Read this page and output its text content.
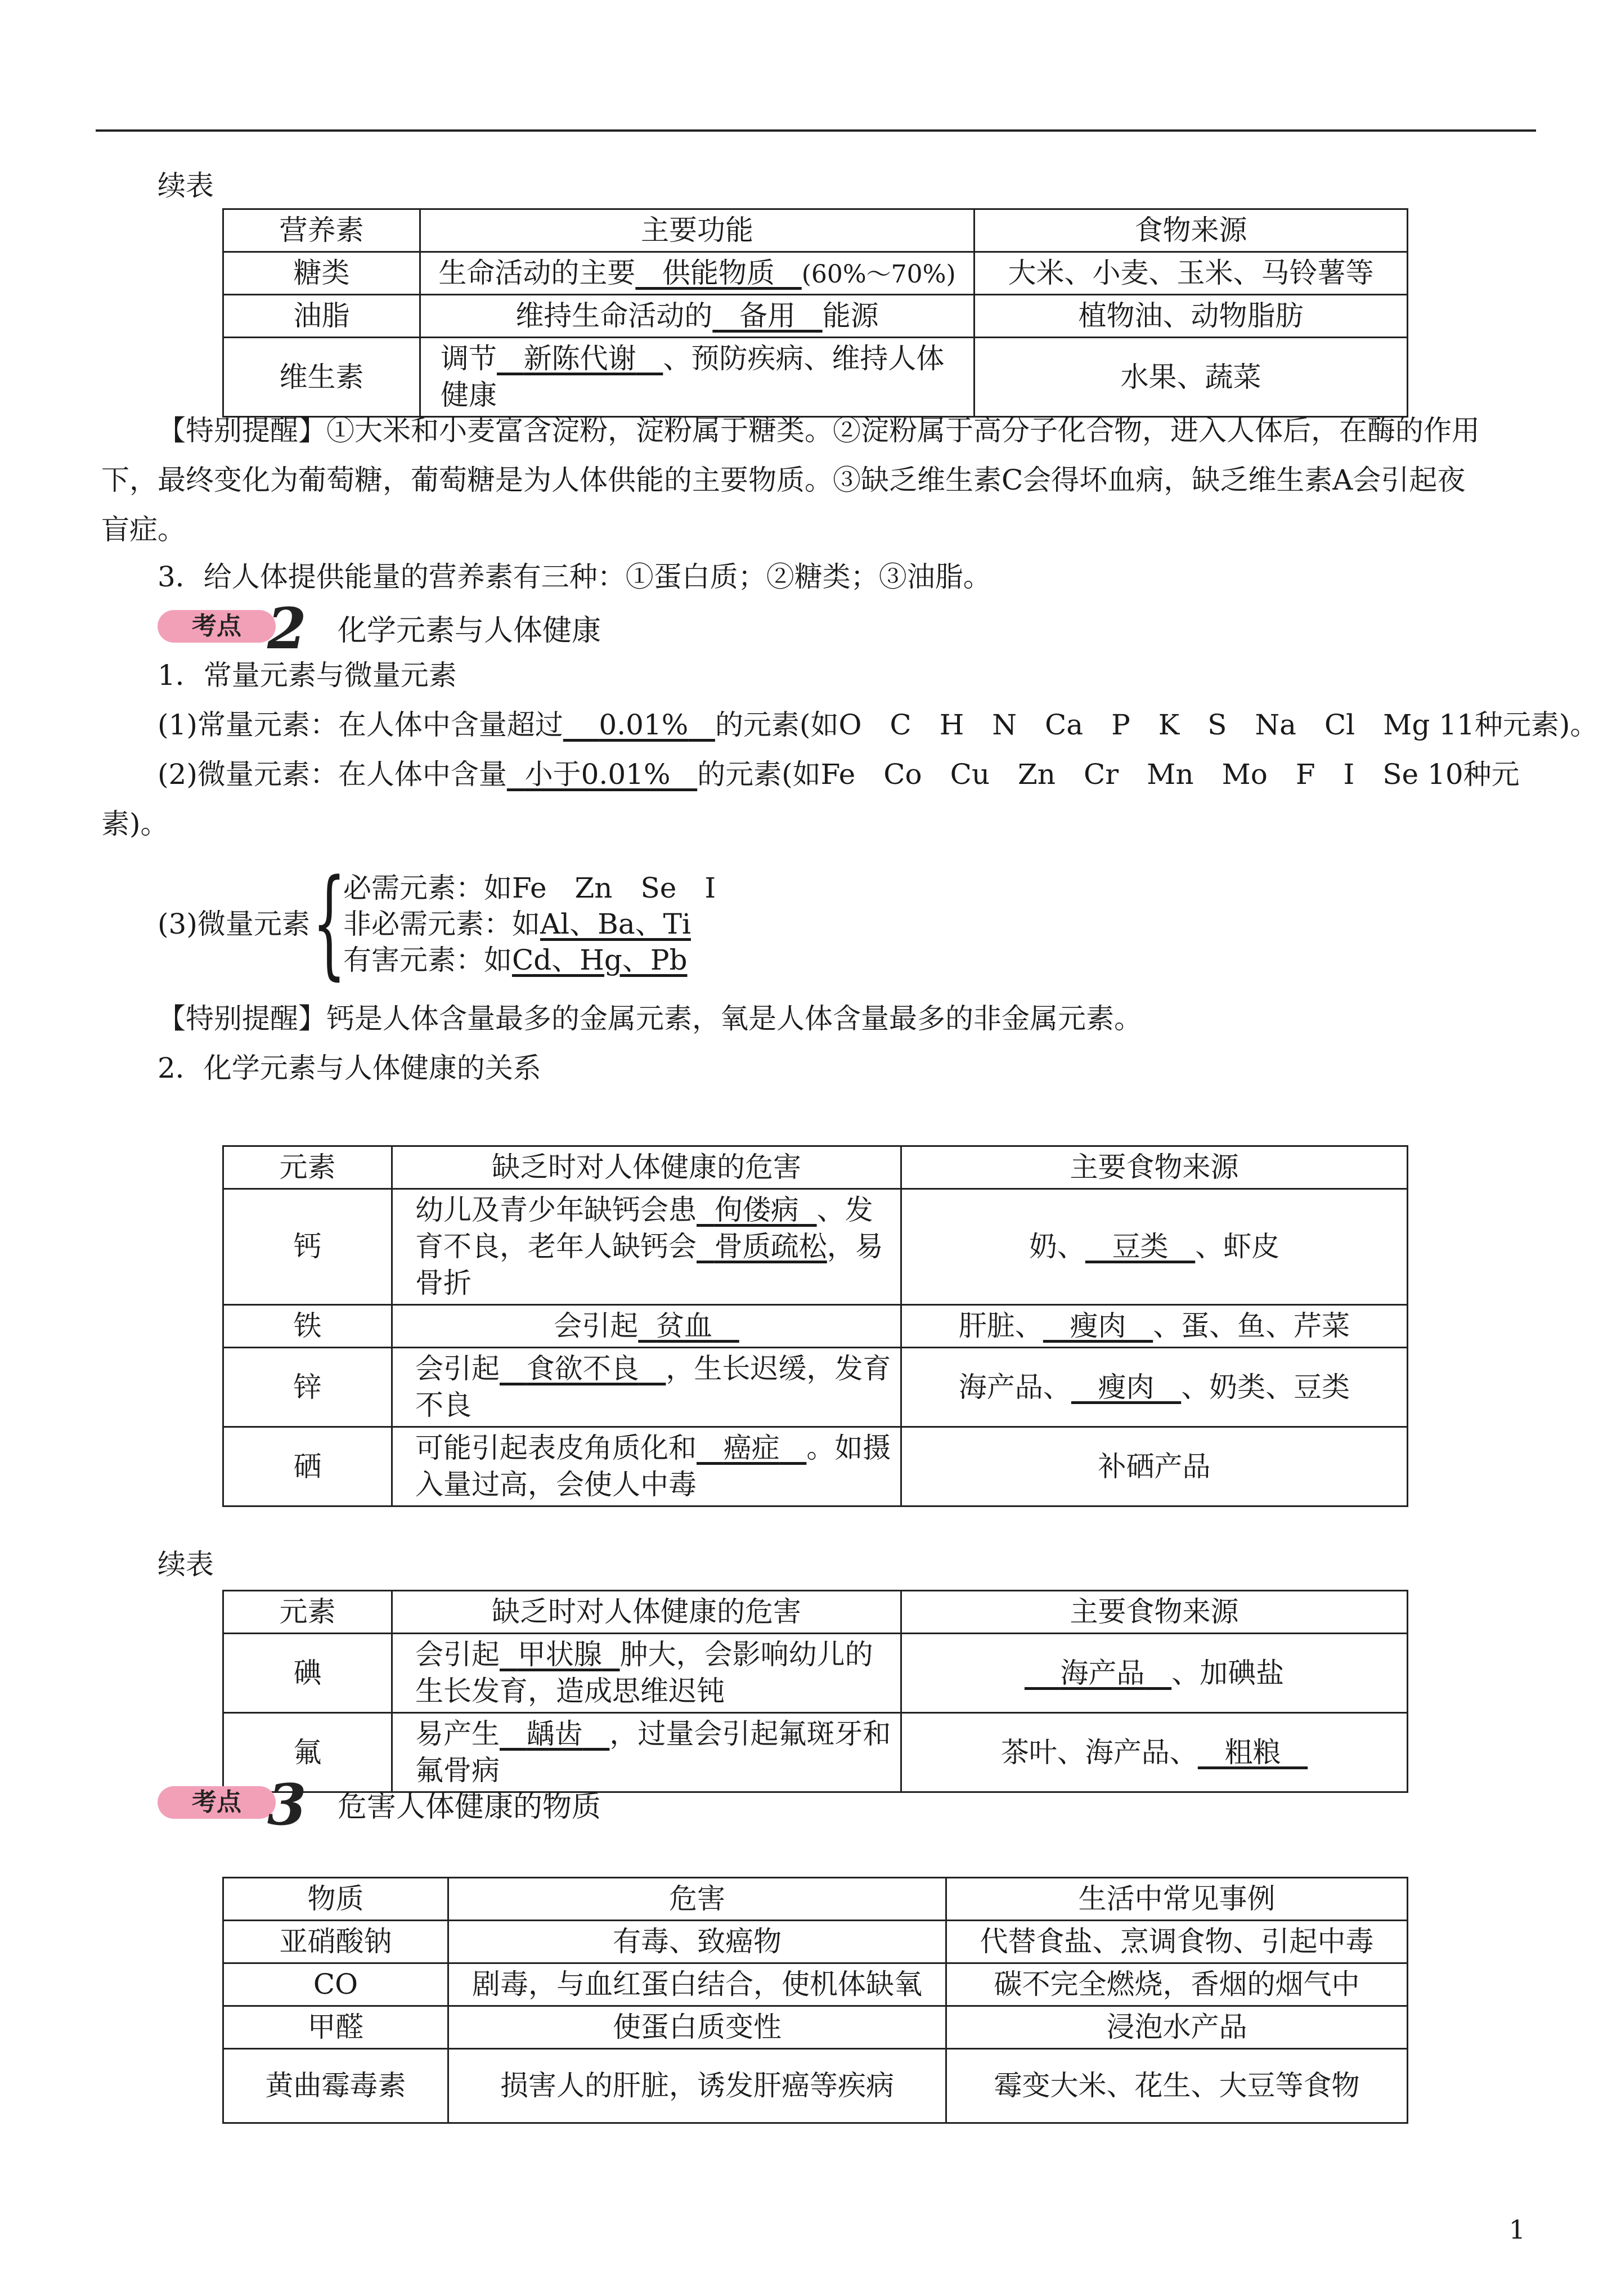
续表

营养素	主要功能	食物来源
糖类	生命活动的主要 供能物质 (60%～70%)	大米、小麦、玉米、马铃薯等
油脂	维持生命活动的 备用 能源	植物油、动物脂肪
维生素	调节 新陈代谢 、预防疾病、维持人体健康	水果、蔬菜

【特别提醒】①大米和小麦富含淀粉，淀粉属于糖类。②淀粉属于高分子化合物，进入人体后，在酶的作用

下，最终变化为葡萄糖，葡萄糖是为人体供能的主要物质。③缺乏维生素C会得坏血病，缺乏维生素A会引起夜

盲症。

3．给人体提供能量的营养素有三种：①蛋白质；②糖类；③油脂。

考点 2 化学元素与人体健康

1．常量元素与微量元素

(1)常量元素：在人体中含量超过 0.01% 的元素(如O　C　H　N　Ca　P　K　S　Na　Cl　Mg 11种元素)。

(2)微量元素：在人体中含量 小于0.01% 的元素(如Fe　Co　Cu　Zn　Cr　Mn　Mo　F　I　Se 10种元

素)。

(3)微量元素 {

必需元素：如Fe　Zn　Se　I

非必需元素：如Al、Ba、Ti

有害元素：如Cd、Hg、Pb

【特别提醒】钙是人体含量最多的金属元素，氧是人体含量最多的非金属元素。

2．化学元素与人体健康的关系

元素	缺乏时对人体健康的危害	主要食物来源
钙	幼儿及青少年缺钙会患 佝偻病 、发育不良，老年人缺钙会 骨质疏松，易骨折	奶、 豆类 、虾皮
铁	会引起 贫血	肝脏、 瘦肉 、蛋、鱼、芹菜
锌	会引起 食欲不良 ，生长迟缓，发育不良	海产品、 瘦肉 、奶类、豆类
硒	可能引起表皮角质化和 癌症 。如摄入量过高，会使人中毒	补硒产品

续表

元素	缺乏时对人体健康的危害	主要食物来源
碘	会引起 甲状腺 肿大，会影响幼儿的生长发育，造成思维迟钝	海产品 、加碘盐
氟	易产生 龋齿 ，过量会引起氟斑牙和氟骨病	茶叶、海产品、 粗粮
考点 3 危害人体健康的物质
物质	危害	生活中常见事例
亚硝酸钠	有毒、致癌物	代替食盐、烹调食物、引起中毒
CO	剧毒，与血红蛋白结合，使机体缺氧	碳不完全燃烧，香烟的烟气中
甲醛	使蛋白质变性	浸泡水产品
黄曲霉毒素	损害人的肝脏，诱发肝癌等疾病	霉变大米、花生、大豆等食物
1
